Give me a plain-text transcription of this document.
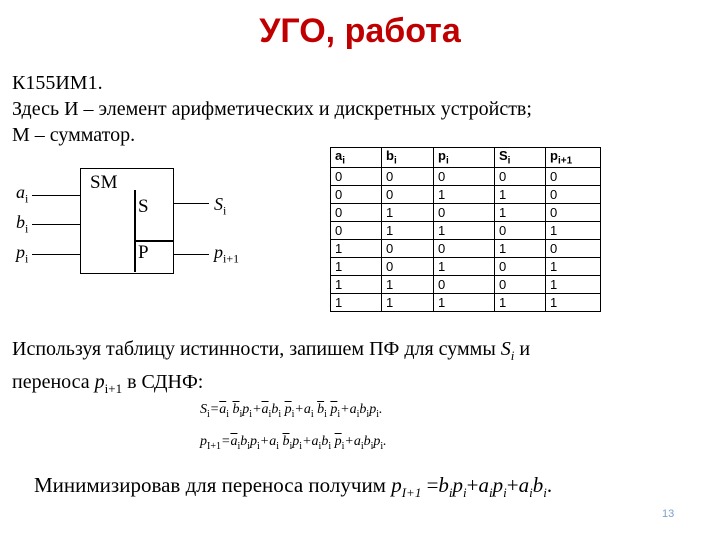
УГО, работа
К155ИМ1.
Здесь И – элемент арифметических и дискретных устройств;
М – сумматор.
SM
S
P
$a_i$
$b_i$
$p_i$
$S_i$
$p_{i+1}$
$a_i$	$b_i$	$p_i$	$S_i$	$p_{i+1}$
0	0	0	0	0
0	0	1	1	0
0	1	0	1	0
0	1	1	0	1
1	0	0	1	0
1	0	1	0	1
1	1	0	0	1
1	1	1	1	1
Используя таблицу истинности, запишем ПФ для суммы $S_i$ и
переноса $p_{i+1}$ в СДНФ:
$S_i=\overline{a}_i$ $\overline{b}_ip_i+\overline{a}_ib_i$ $\overline{p}_i+a_i$ $\overline{b}_i$ $\overline{p}_i+a_ib_ip_i$.
$p_{I+1}=\overline{a}_ib_ip_i+a_i$ $\overline{b}_ip_i+a_ib_i$ $\overline{p}_i+a_ib_ip_i$.
Минимизировав для переноса получим $p_{I+1} =b_ip_i+a_ip_i+a_ib_i$.
13
